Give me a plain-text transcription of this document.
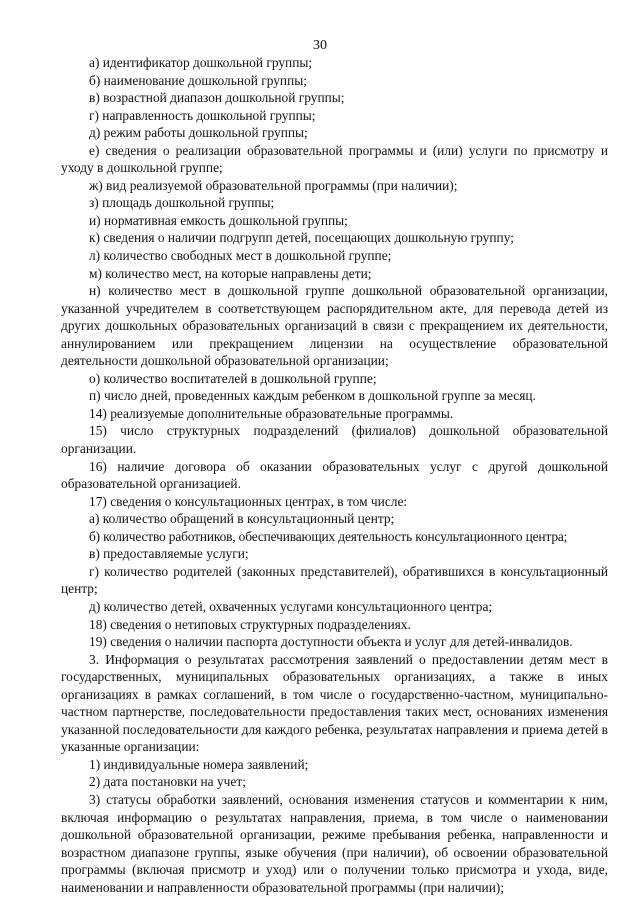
30

а) идентификатор дошкольной группы;

б) наименование дошкольной группы;

в) возрастной диапазон дошкольной группы;

г) направленность дошкольной группы;

д) режим работы дошкольной группы;

е) сведения о реализации образовательной программы и (или) услуги по присмотру и уходу в дошкольной группе;

ж) вид реализуемой образовательной программы (при наличии);

з) площадь дошкольной группы;

и) нормативная емкость дошкольной группы;

к) сведения о наличии подгрупп детей, посещающих дошкольную группу;

л) количество свободных мест в дошкольной группе;

м) количество мест, на которые направлены дети;

н) количество мест в дошкольной группе дошкольной образовательной организации, указанной учредителем в соответствующем распорядительном акте, для перевода детей из других дошкольных образовательных организаций в связи с прекращением их деятельности, аннулированием или прекращением лицензии на осуществление образовательной деятельности дошкольной образовательной организации;

о) количество воспитателей в дошкольной группе;

п) число дней, проведенных каждым ребенком в дошкольной группе за месяц.

14) реализуемые дополнительные образовательные программы.

15) число структурных подразделений (филиалов) дошкольной образовательной организации.

16) наличие договора об оказании образовательных услуг с другой дошкольной образовательной организацией.

17) сведения о консультационных центрах, в том числе:

а) количество обращений в консультационный центр;

б) количество работников, обеспечивающих деятельность консультационного центра;

в) предоставляемые услуги;

г) количество родителей (законных представителей), обратившихся в консультационный центр;

д) количество детей, охваченных услугами консультационного центра;

18) сведения о нетиповых структурных подразделениях.

19) сведения о наличии паспорта доступности объекта и услуг для детей-инвалидов.

3. Информация о результатах рассмотрения заявлений о предоставлении детям мест в государственных, муниципальных образовательных организациях, а также в иных организациях в рамках соглашений, в том числе о государственно-частном, муниципально-частном партнерстве, последовательности предоставления таких мест, основаниях изменения указанной последовательности для каждого ребенка, результатах направления и приема детей в указанные организации:

1) индивидуальные номера заявлений;

2) дата постановки на учет;

3) статусы обработки заявлений, основания изменения статусов и комментарии к ним, включая информацию о результатах направления, приема, в том числе о наименовании дошкольной образовательной организации, режиме пребывания ребенка, направленности и возрастном диапазоне группы, языке обучения (при наличии), об освоении образовательной программы (включая присмотр и уход) или о получении только присмотра и ухода, виде, наименовании и направленности образовательной программы (при наличии);
